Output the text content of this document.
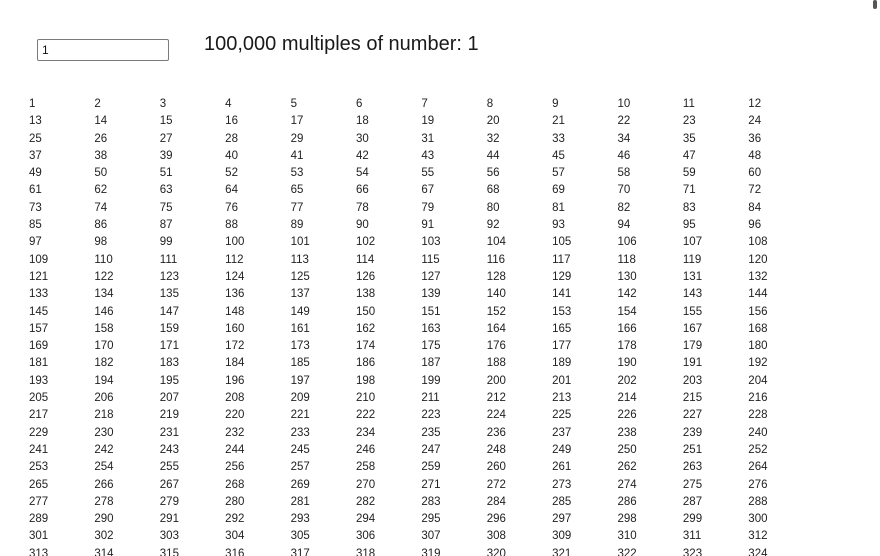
1
100,000 multiples of number: 1
1	2	3	4	5	6	7	8	9	10	11	12
13	14	15	16	17	18	19	20	21	22	23	24
25	26	27	28	29	30	31	32	33	34	35	36
37	38	39	40	41	42	43	44	45	46	47	48
49	50	51	52	53	54	55	56	57	58	59	60
61	62	63	64	65	66	67	68	69	70	71	72
73	74	75	76	77	78	79	80	81	82	83	84
85	86	87	88	89	90	91	92	93	94	95	96
97	98	99	100	101	102	103	104	105	106	107	108
109	110	111	112	113	114	115	116	117	118	119	120
121	122	123	124	125	126	127	128	129	130	131	132
133	134	135	136	137	138	139	140	141	142	143	144
145	146	147	148	149	150	151	152	153	154	155	156
157	158	159	160	161	162	163	164	165	166	167	168
169	170	171	172	173	174	175	176	177	178	179	180
181	182	183	184	185	186	187	188	189	190	191	192
193	194	195	196	197	198	199	200	201	202	203	204
205	206	207	208	209	210	211	212	213	214	215	216
217	218	219	220	221	222	223	224	225	226	227	228
229	230	231	232	233	234	235	236	237	238	239	240
241	242	243	244	245	246	247	248	249	250	251	252
253	254	255	256	257	258	259	260	261	262	263	264
265	266	267	268	269	270	271	272	273	274	275	276
277	278	279	280	281	282	283	284	285	286	287	288
289	290	291	292	293	294	295	296	297	298	299	300
301	302	303	304	305	306	307	308	309	310	311	312
313	314	315	316	317	318	319	320	321	322	323	324
